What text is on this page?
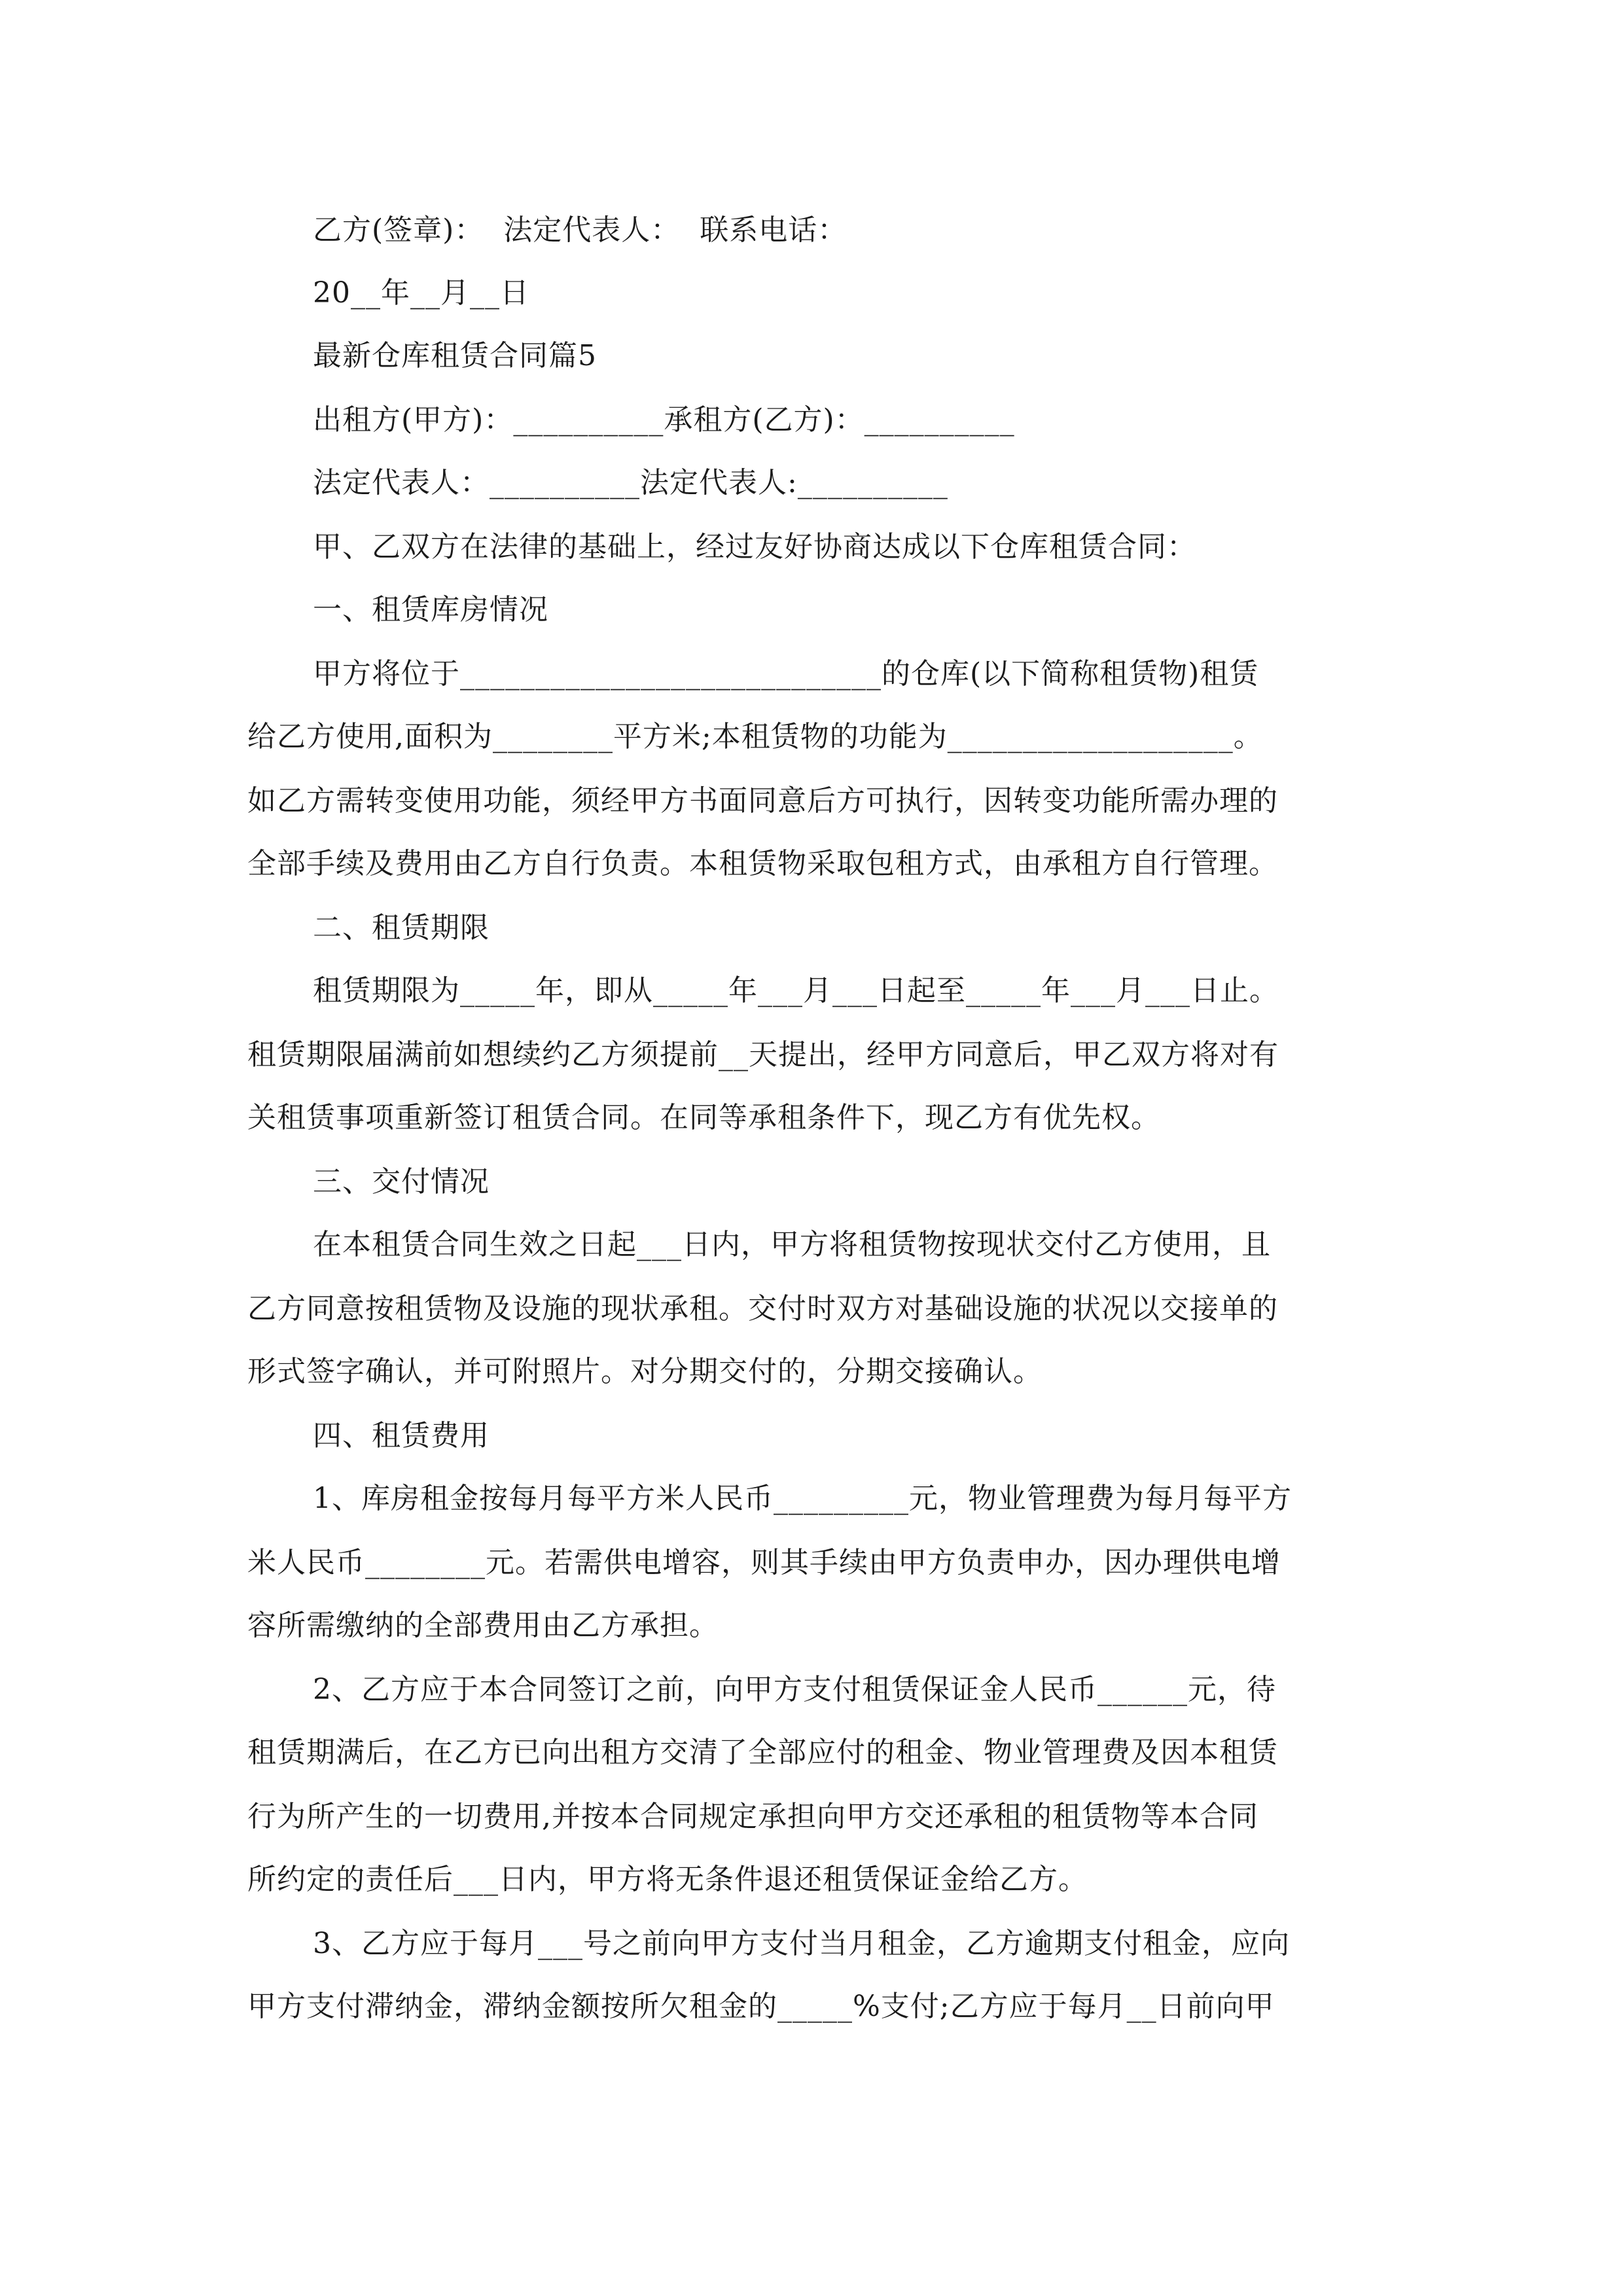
乙方(签章)：  法定代表人：  联系电话：
20__年__月__日
最新仓库租赁合同篇5
出租方(甲方)：__________承租方(乙方)：__________
法定代表人：__________法定代表人:__________
甲、乙双方在法律的基础上，经过友好协商达成以下仓库租赁合同：
一、租赁库房情况
甲方将位于____________________________的仓库(以下简称租赁物)租赁
给乙方使用,面积为________平方米;本租赁物的功能为___________________。
如乙方需转变使用功能，须经甲方书面同意后方可执行，因转变功能所需办理的
全部手续及费用由乙方自行负责。本租赁物采取包租方式，由承租方自行管理。
二、租赁期限
租赁期限为_____年，即从_____年___月___日起至_____年___月___日止。
租赁期限届满前如想续约乙方须提前__天提出，经甲方同意后，甲乙双方将对有
关租赁事项重新签订租赁合同。在同等承租条件下，现乙方有优先权。
三、交付情况
在本租赁合同生效之日起___日内，甲方将租赁物按现状交付乙方使用，且
乙方同意按租赁物及设施的现状承租。交付时双方对基础设施的状况以交接单的
形式签字确认，并可附照片。对分期交付的，分期交接确认。
四、租赁费用
1、库房租金按每月每平方米人民币_________元，物业管理费为每月每平方
米人民币________元。若需供电增容，则其手续由甲方负责申办，因办理供电增
容所需缴纳的全部费用由乙方承担。
2、乙方应于本合同签订之前，向甲方支付租赁保证金人民币______元，待
租赁期满后，在乙方已向出租方交清了全部应付的租金、物业管理费及因本租赁
行为所产生的一切费用,并按本合同规定承担向甲方交还承租的租赁物等本合同
所约定的责任后___日内，甲方将无条件退还租赁保证金给乙方。
3、乙方应于每月___号之前向甲方支付当月租金，乙方逾期支付租金，应向
甲方支付滞纳金，滞纳金额按所欠租金的_____%支付;乙方应于每月__日前向甲
